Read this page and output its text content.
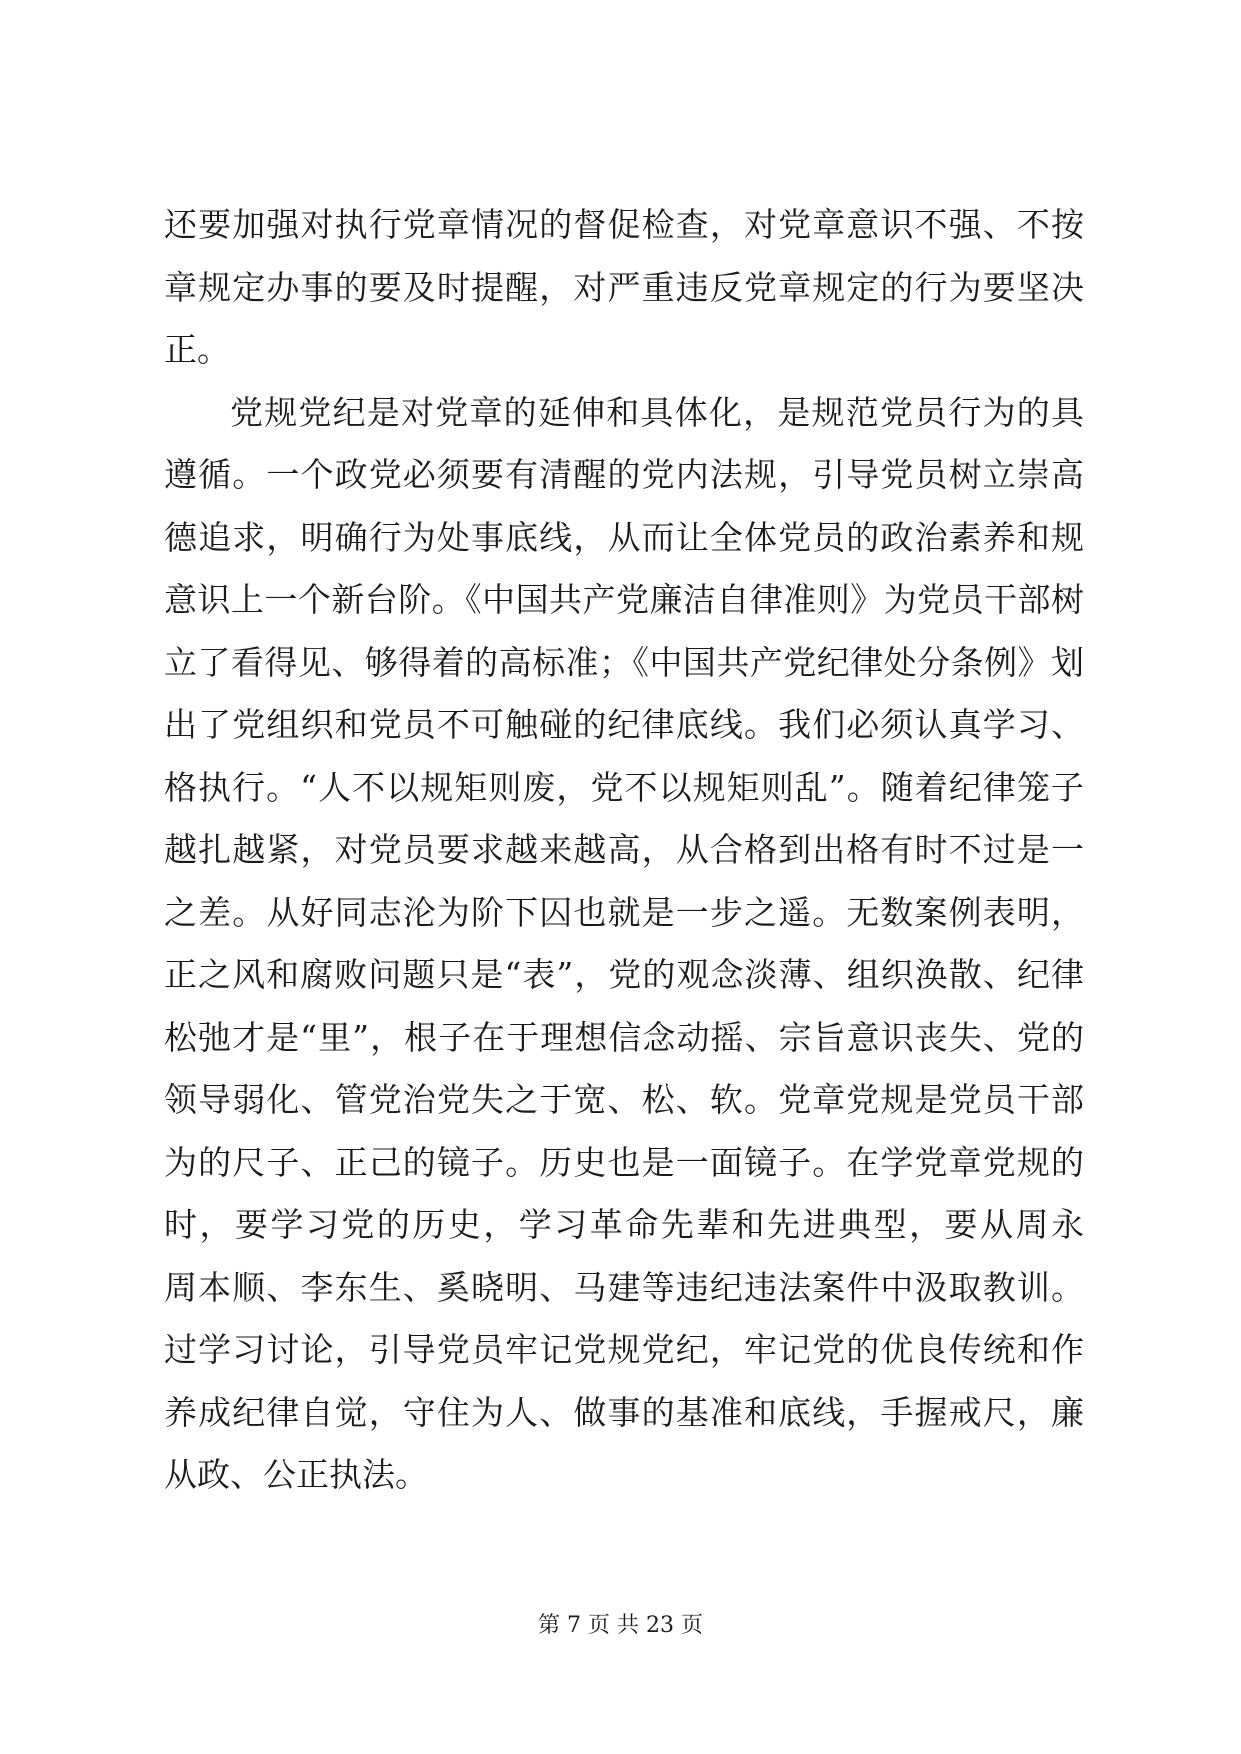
还要加强对执行党章情况的督促检查，对党章意识不强、不按
章规定办事的要及时提醒，对严重违反党章规定的行为要坚决
正。
党规党纪是对党章的延伸和具体化，是规范党员行为的具
遵循。一个政党必须要有清醒的党内法规，引导党员树立崇高
德追求，明确行为处事底线，从而让全体党员的政治素养和规
意识上一个新台阶。《中国共产党廉洁自律准则》为党员干部树
立了看得见、够得着的高标准；《中国共产党纪律处分条例》划
出了党组织和党员不可触碰的纪律底线。我们必须认真学习、
格执行。“人不以规矩则废，党不以规矩则乱”。随着纪律笼子
越扎越紧，对党员要求越来越高，从合格到出格有时不过是一
之差。从好同志沦为阶下囚也就是一步之遥。无数案例表明，
正之风和腐败问题只是“表”，党的观念淡薄、组织涣散、纪律
松弛才是“里”，根子在于理想信念动摇、宗旨意识丧失、党的
领导弱化、管党治党失之于宽、松、软。党章党规是党员干部
为的尺子、正己的镜子。历史也是一面镜子。在学党章党规的
时，要学习党的历史，学习革命先辈和先进典型，要从周永
周本顺、李东生、奚晓明、马建等违纪违法案件中汲取教训。
过学习讨论，引导党员牢记党规党纪，牢记党的优良传统和作
养成纪律自觉，守住为人、做事的基准和底线，手握戒尺，廉
从政、公正执法。
第 7 页 共 23 页
